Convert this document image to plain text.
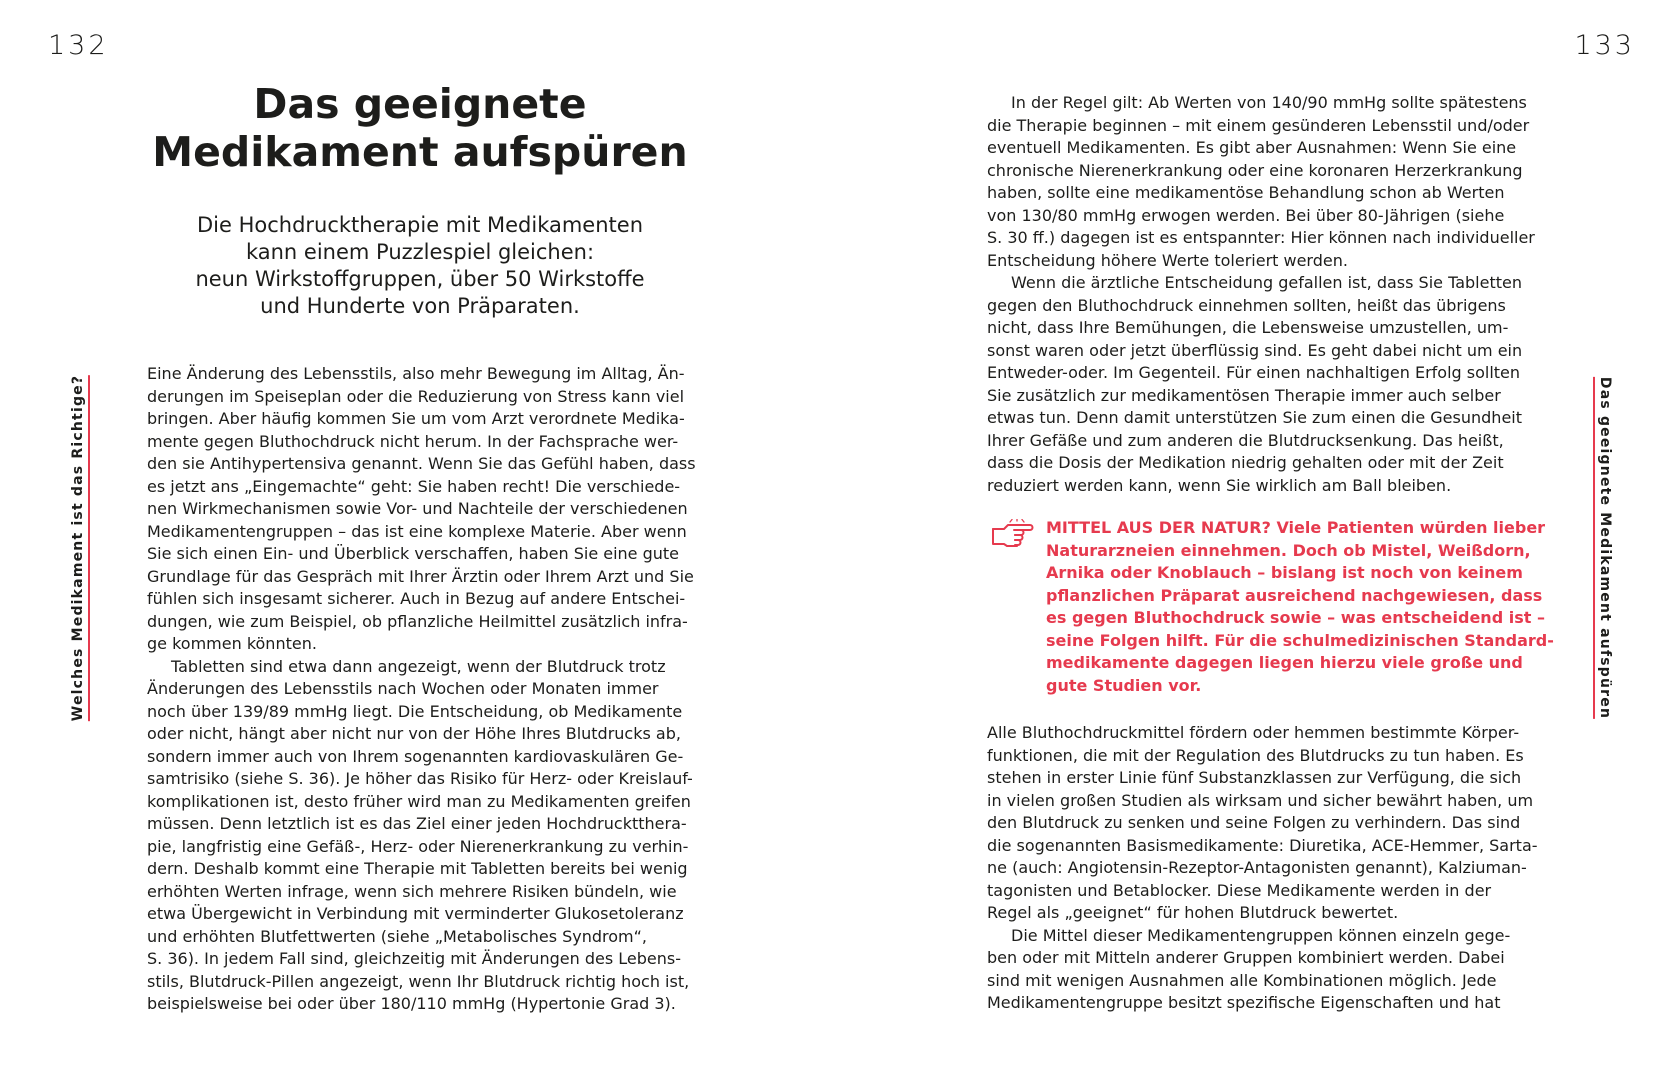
132	133
Das geeignete
Medikament aufspüren

Die Hochdrucktherapie mit Medikamenten
kann einem Puzzlespiel gleichen:
neun Wirkstoffgruppen, über 50 Wirkstoffe
und Hunderte von Präparaten.

Eine Änderung des Lebensstils, also mehr Bewegung im Alltag, Än-
derungen im Speiseplan oder die Reduzierung von Stress kann viel
bringen. Aber häufig kommen Sie um vom Arzt verordnete Medika-
mente gegen Bluthochdruck nicht herum. In der Fachsprache wer-
den sie Antihypertensiva genannt. Wenn Sie das Gefühl haben, dass
es jetzt ans „Eingemachte“ geht: Sie haben recht! Die verschiede-
nen Wirkmechanismen sowie Vor- und Nachteile der verschiedenen
Medikamentengruppen – das ist eine komplexe Materie. Aber wenn
Sie sich einen Ein- und Überblick verschaffen, haben Sie eine gute
Grundlage für das Gespräch mit Ihrer Ärztin oder Ihrem Arzt und Sie
fühlen sich insgesamt sicherer. Auch in Bezug auf andere Entschei-
dungen, wie zum Beispiel, ob pflanzliche Heilmittel zusätzlich infra-
ge kommen könnten.
Tabletten sind etwa dann angezeigt, wenn der Blutdruck trotz
Änderungen des Lebensstils nach Wochen oder Monaten immer
noch über 139/89 mmHg liegt. Die Entscheidung, ob Medikamente
oder nicht, hängt aber nicht nur von der Höhe Ihres Blutdrucks ab,
sondern immer auch von Ihrem sogenannten kardiovaskulären Ge-
samtrisiko (siehe S. 36). Je höher das Risiko für Herz- oder Kreislauf-
komplikationen ist, desto früher wird man zu Medikamenten greifen
müssen. Denn letztlich ist es das Ziel einer jeden Hochdrucktthera-
pie, langfristig eine Gefäß-, Herz- oder Nierenerkrankung zu verhin-
dern. Deshalb kommt eine Therapie mit Tabletten bereits bei wenig
erhöhten Werten infrage, wenn sich mehrere Risiken bündeln, wie
etwa Übergewicht in Verbindung mit verminderter Glukosetoleranz
und erhöhten Blutfettwerten (siehe „Metabolisches Syndrom“,
S. 36). In jedem Fall sind, gleichzeitig mit Änderungen des Lebens-
stils, Blutdruck-Pillen angezeigt, wenn Ihr Blutdruck richtig hoch ist,
beispielsweise bei oder über 180/110 mmHg (Hypertonie Grad 3).
In der Regel gilt: Ab Werten von 140/90 mmHg sollte spätestens
die Therapie beginnen – mit einem gesünderen Lebensstil und/oder
eventuell Medikamenten. Es gibt aber Ausnahmen: Wenn Sie eine
chronische Nierenerkrankung oder eine koronaren Herzerkrankung
haben, sollte eine medikamentöse Behandlung schon ab Werten
von 130/80 mmHg erwogen werden. Bei über 80-Jährigen (siehe
S. 30 ff.) dagegen ist es entspannter: Hier können nach individueller
Entscheidung höhere Werte toleriert werden.
Wenn die ärztliche Entscheidung gefallen ist, dass Sie Tabletten
gegen den Bluthochdruck einnehmen sollten, heißt das übrigens
nicht, dass Ihre Bemühungen, die Lebensweise umzustellen, um-
sonst waren oder jetzt überflüssig sind. Es geht dabei nicht um ein
Entweder-oder. Im Gegenteil. Für einen nachhaltigen Erfolg sollten
Sie zusätzlich zur medikamentösen Therapie immer auch selber
etwas tun. Denn damit unterstützen Sie zum einen die Gesundheit
Ihrer Gefäße und zum anderen die Blutdrucksenkung. Das heißt,
dass die Dosis der Medikation niedrig gehalten oder mit der Zeit
reduziert werden kann, wenn Sie wirklich am Ball bleiben.
MITTEL AUS DER NATUR? Viele Patienten würden lieber
Naturarzneien einnehmen. Doch ob Mistel, Weißdorn,
Arnika oder Knoblauch – bislang ist noch von keinem
pflanzlichen Präparat ausreichend nachgewiesen, dass
es gegen Bluthochdruck sowie – was entscheidend ist –
seine Folgen hilft. Für die schulmedizinischen Standard-
medikamente dagegen liegen hierzu viele große und
gute Studien vor.
Alle Bluthochdruckmittel fördern oder hemmen bestimmte Körper-
funktionen, die mit der Regulation des Blutdrucks zu tun haben. Es
stehen in erster Linie fünf Substanzklassen zur Verfügung, die sich
in vielen großen Studien als wirksam und sicher bewährt haben, um
den Blutdruck zu senken und seine Folgen zu verhindern. Das sind
die sogenannten Basismedikamente: Diuretika, ACE-Hemmer, Sarta-
ne (auch: Angiotensin-Rezeptor-Antagonisten genannt), Kalziuman-
tagonisten und Betablocker. Diese Medikamente werden in der
Regel als „geeignet“ für hohen Blutdruck bewertet.
Die Mittel dieser Medikamentengruppen können einzeln gege-
ben oder mit Mitteln anderer Gruppen kombiniert werden. Dabei
sind mit wenigen Ausnahmen alle Kombinationen möglich. Jede
Medikamentengruppe besitzt spezifische Eigenschaften und hat
Welches Medikament ist das Richtige?	Das geeignete Medikament aufspüren
